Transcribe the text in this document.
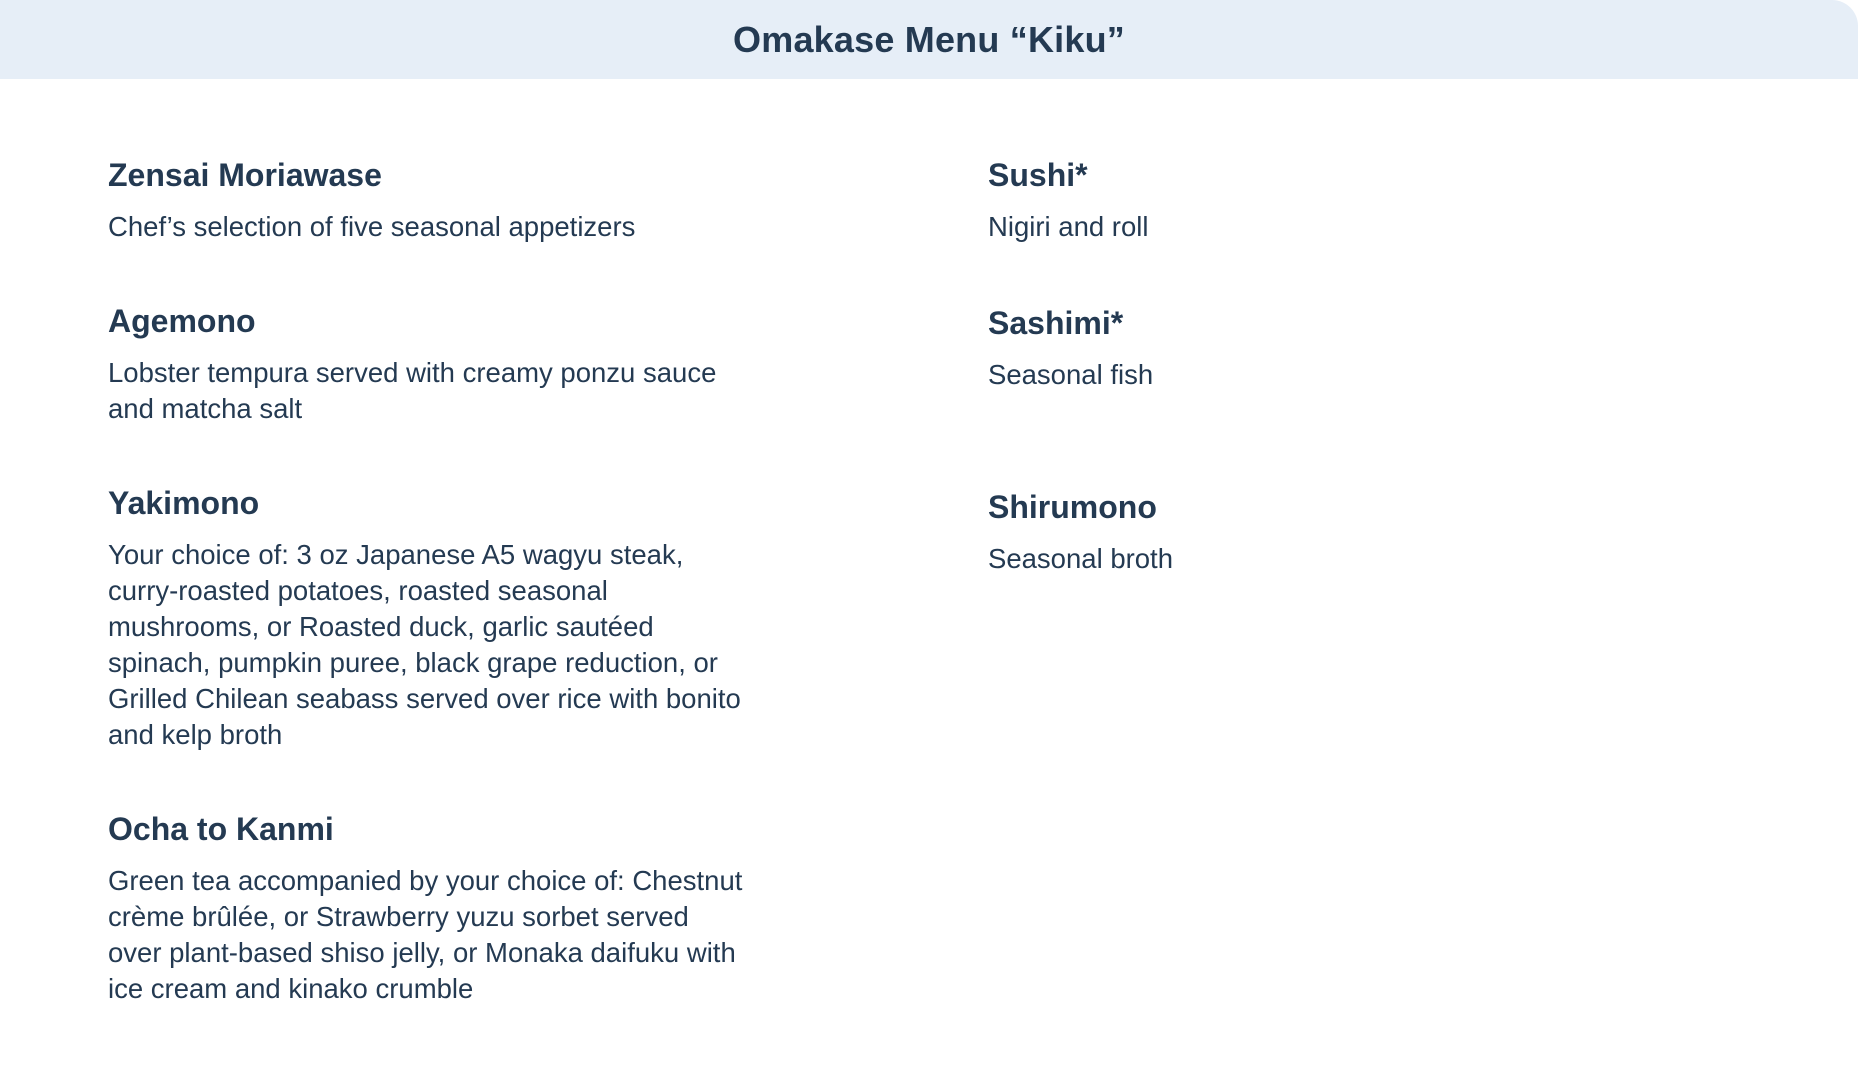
Omakase Menu “Kiku”
Zensai Moriawase

Chef’s selection of five seasonal appetizers

Agemono

Lobster tempura served with creamy ponzu sauce and matcha salt

Yakimono

Your choice of: 3 oz Japanese A5 wagyu steak, curry-roasted potatoes, roasted seasonal mushrooms, or Roasted duck, garlic sautéed spinach, pumpkin puree, black grape reduction, or Grilled Chilean seabass served over rice with bonito and kelp broth

Ocha to Kanmi

Green tea accompanied by your choice of: Chestnut crème brûlée, or Strawberry yuzu sorbet served over plant-based shiso jelly, or Monaka daifuku with ice cream and kinako crumble

Sushi*

Nigiri and roll

Sashimi*

Seasonal fish

Shirumono

Seasonal broth
